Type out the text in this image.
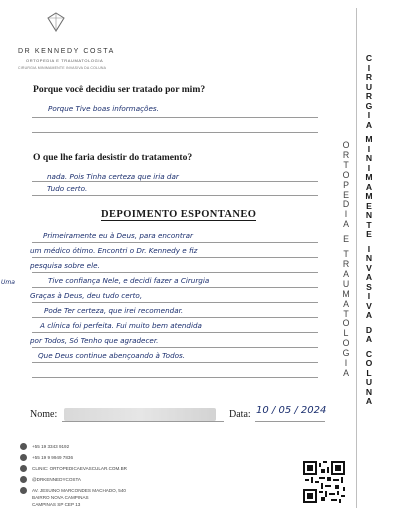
DR KENNEDY COSTA
ORTOPEDIA E TRAUMATOLOGIA
CIRURGIA MINIMAMENTE INVASIVA DA COLUNA
Porque você decidiu ser tratado por mim?
Porque Tive boas informações.
O que lhe faria desistir do tratamento?
nada. Pois Tinha certeza que iria dar
Tudo certo.
DEPOIMENTO ESPONTANEO
Uma
Primeiramente eu à Deus, para encontrar
um médico ótimo. Encontri o Dr. Kennedy e fiz
pesquisa sobre ele.
Tive confiança Nele, e decidi fazer a Cirurgia
Graças à Deus, deu tudo certo,
Pode Ter certeza, que irei recomendar.
A clínica foi perfeita. Fui muito bem atendida
por Todos, Só Tenho que agradecer.
Que Deus continue abençoando à Todos.
Nome:	Data: 10 / 05 / 2024
C
I
R
U
R
G
I
A

M
I
N
I
M
A
M
E
N
T
E

I
N
V
A
S
I
V
A

D
A

C
O
L
U
N
A
O
R
T
O
P
E
D
I
A

E

T
R
A
U
M
A
T
O
L
O
G
I
A
+55 19 3343 9192
+55 19 9 9949 7836
CLINIC: ORTOPEDICAEVASCULAR.COM.BR
@DRKENNEDYCOSTA
AV. JESUINO MARCONDES MACHADO, 540
BAIRRO NOVA CAMPINAS
CAMPINAS SP CEP 13
